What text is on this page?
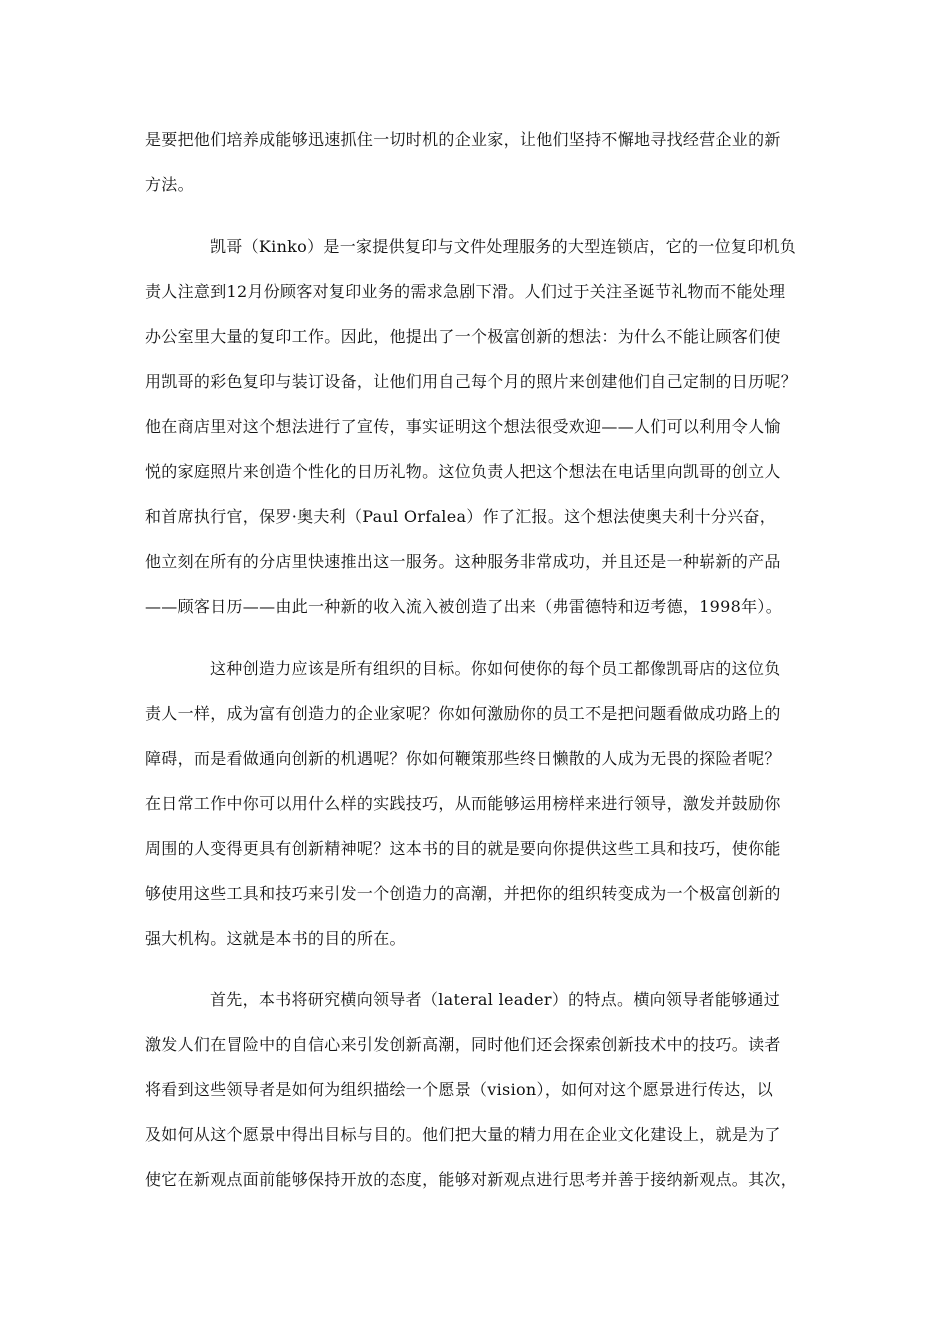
是要把他们培养成能够迅速抓住一切时机的企业家，让他们坚持不懈地寻找经营企业的新
方法。
凯哥（Kinko）是一家提供复印与文件处理服务的大型连锁店，它的一位复印机负
责人注意到12月份顾客对复印业务的需求急剧下滑。人们过于关注圣诞节礼物而不能处理
办公室里大量的复印工作。因此，他提出了一个极富创新的想法：为什么不能让顾客们使
用凯哥的彩色复印与装订设备，让他们用自己每个月的照片来创建他们自己定制的日历呢？
他在商店里对这个想法进行了宣传，事实证明这个想法很受欢迎——人们可以利用令人愉
悦的家庭照片来创造个性化的日历礼物。这位负责人把这个想法在电话里向凯哥的创立人
和首席执行官，保罗·奥夫利（Paul Orfalea）作了汇报。这个想法使奥夫利十分兴奋，
他立刻在所有的分店里快速推出这一服务。这种服务非常成功，并且还是一种崭新的产品
——顾客日历——由此一种新的收入流入被创造了出来（弗雷德特和迈考德，1998年）。
这种创造力应该是所有组织的目标。你如何使你的每个员工都像凯哥店的这位负
责人一样，成为富有创造力的企业家呢？你如何激励你的员工不是把问题看做成功路上的
障碍，而是看做通向创新的机遇呢？你如何鞭策那些终日懒散的人成为无畏的探险者呢？
在日常工作中你可以用什么样的实践技巧，从而能够运用榜样来进行领导，激发并鼓励你
周围的人变得更具有创新精神呢？这本书的目的就是要向你提供这些工具和技巧，使你能
够使用这些工具和技巧来引发一个创造力的高潮，并把你的组织转变成为一个极富创新的
强大机构。这就是本书的目的所在。
首先，本书将研究横向领导者（lateral leader）的特点。横向领导者能够通过
激发人们在冒险中的自信心来引发创新高潮，同时他们还会探索创新技术中的技巧。读者
将看到这些领导者是如何为组织描绘一个愿景（vision），如何对这个愿景进行传达，以
及如何从这个愿景中得出目标与目的。他们把大量的精力用在企业文化建设上，就是为了
使它在新观点面前能够保持开放的态度，能够对新观点进行思考并善于接纳新观点。其次，
